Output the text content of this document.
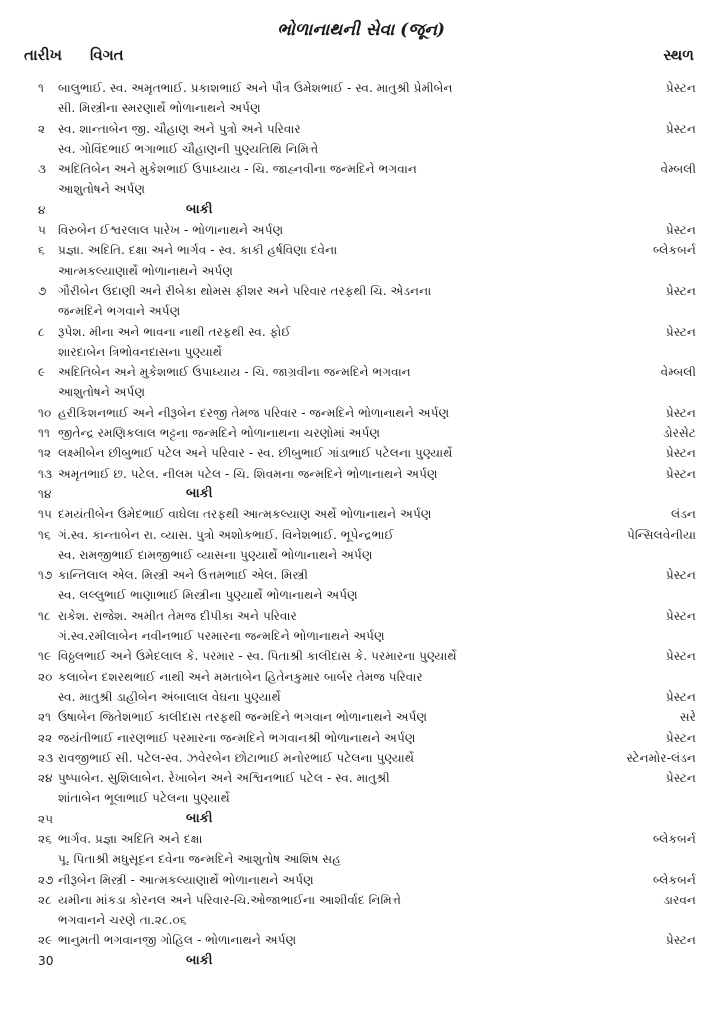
ભોળાનાથની સેવા (જૂન)
તારીખ વિગત	સ્થળ
૧ બાલુભાઈ. સ્વ. અમૃતભાઈ. પ્રકાશભાઈ અને પૌત્ર ઉમેશભાઈ - સ્વ. માતુશ્રી પ્રેમીબેન	પ્રેસ્ટન
સી. મિસ્ત્રીના સ્મરણાર્થે ભોળાનાથને અર્પણ
૨ સ્વ. શાન્તાબેન જી. ચૌહાણ અને પુત્રો અને પરિવાર	પ્રેસ્ટન
સ્વ. ગોવિંદભાઈ ભગાભાઈ ચૌહાણની પુણ્યતિથિ નિમિત્તે
૩ અદિતિબેન અને મુકેશભાઈ ઉપાધ્યાય - ચિ. જાહ્નવીના જન્મદિને ભગવાન	વેમ્બલી
આશુતોષને અર્પણ
૪	બાકી
૫ વિરુબેન ઈશ્વરલાલ પારેખ - ભોળાનાથને અર્પણ	પ્રેસ્ટન
૬ પ્રજ્ઞા. અદિતિ. દક્ષા અને ભાર્ગવ - સ્વ. કાકી હર્ષવિણા દવેના	બ્લેકબર્ન
આત્મકલ્યાણાર્થે ભોળાનાથને અર્પણ
૭ ગૌરીબેન ઉદાણી અને રીબેકા થોમસ ફીશર અને પરિવાર તરફથી ચિ. એડનના	પ્રેસ્ટન
જન્મદિને ભગવાને અર્પણ
૮ રૂપેશ. મીના અને ભાવના નાથી તરફથી સ્વ. ફોઈ	પ્રેસ્ટન
શારદાબેન ત્રિભોવનદાસના પુણ્યાર્થે
૯ અદિતિબેન અને મુકેશભાઈ ઉપાધ્યાય - ચિ. જાગ્રવીના જન્મદિને ભગવાન	વેમ્બલી
આશુતોષને અર્પણ
૧૦ હરીકિશનભાઈ અને નીરૂબેન દરજી તેમજ પરિવાર - જન્મદિને ભોળાનાથને અર્પણ	પ્રેસ્ટન
૧૧ જીતેન્દ્ર રમણિકલાલ ભટ્ટના જન્મદિને ભોળાનાથના ચરણોમાં અર્પણ	ડોરસેટ
૧૨ લક્ષ્મીબેન છીબુભાઈ પટેલ અને પરિવાર - સ્વ. છીબુભાઈ ગાંડાભાઈ પટેલના પુણ્યાર્થે	પ્રેસ્ટન
૧૩ અમૃતભાઈ છ. પટેલ. નીલમ પટેલ - ચિ. શિવમના જન્મદિને ભોળાનાથને અર્પણ	પ્રેસ્ટન
૧૪	બાકી
૧૫ દમયંતીબેન ઉમેદભાઈ વાઘેલા તરફથી આત્મકલ્યાણ અર્થે ભોળાનાથને અર્પણ	લંડન
૧૬ ગં.સ્વ. કાન્તાબેન રા. વ્યાસ. પુત્રો અશોકભાઈ. વિનેશભાઈ. ભૂપેન્દ્રભાઈ	પેન્સિલવેનીયા
સ્વ. રામજીભાઈ દામજીભાઈ વ્યાસના પુણ્યાર્થે ભોળાનાથને અર્પણ
૧૭ કાન્તિલાલ એલ. મિસ્ત્રી અને ઉત્તમભાઈ એલ. મિસ્ત્રી	પ્રેસ્ટન
સ્વ. લલ્લુભાઈ ભાણાભાઈ મિસ્ત્રીના પુણ્યાર્થે ભોળાનાથને અર્પણ
૧૮ રાકેશ. રાજેશ. અમીત તેમજ દીપીકા અને પરિવાર	પ્રેસ્ટન
ગં.સ્વ.રમીલાબેન નવીનભાઈ પરમારના જન્મદિને ભોળાનાથને અર્પણ
૧૯ વિઠ્ઠલભાઈ અને ઉમેદલાલ કે. પરમાર - સ્વ. પિતાશ્રી કાલીદાસ કે. પરમારના પુણ્યાર્થે	પ્રેસ્ટન
૨૦ કલાબેન દશરથભાઈ નાથી અને મમતાબેન હિતેનકુમાર બાર્બર તેમજ પરિવાર
સ્વ. માતુશ્રી ડાહીબેન અંબાલાલ વેઘના પુણ્યાર્થે	પ્રેસ્ટન
૨૧ ઉષાબેન જિતેશભાઈ કાલીદાસ તરફથી જન્મદિને ભગવાન ભોળાનાથને અર્પણ	સરે
૨૨ જયંતીભાઈ નારણભાઈ પરમારના જન્મદિને ભગવાનશ્રી ભોળાનાથને અર્પણ	પ્રેસ્ટન
૨૩ રાવજીભાઈ સી. પટેલ-સ્વ. ઝવેરબેન છોટાભાઈ મનોરભાઈ પટેલના પુણ્યાર્થે	સ્ટેનમોર-લંડન
૨૪ પુષ્પાબેન. સુશિલાબેન. રેખાબેન અને અશ્વિનભાઈ પટેલ - સ્વ. માતુશ્રી	પ્રેસ્ટન
શાંતાબેન ભૂલાભાઈ પટેલના પુણ્યાર્થે
૨૫	બાકી
૨૬ ભાર્ગવ. પ્રજ્ઞા અદિતિ અને દક્ષા	બ્લેકબર્ન
પૂ. પિતાશ્રી મધુસૂદન દવેના જન્મદિને આશુતોષ આશિષ સહ
૨૭ નીરૂબેન મિસ્ત્રી - આત્મકલ્યાણાર્થે ભોળાનાથને અર્પણ	બ્લેકબર્ન
૨૮ યમીના માંકડા કોરનલ અને પરિવાર-ચિ.ઓજાભાઈના આશીર્વાદ નિમિત્તે	ડારવન
ભગવાનને ચરણે તા.૨૮.૦૬
૨૯ ભાનુમતી ભગવાનજી ગોહિલ - ભોળાનાથને અર્પણ	પ્રેસ્ટન
30	બાકી
